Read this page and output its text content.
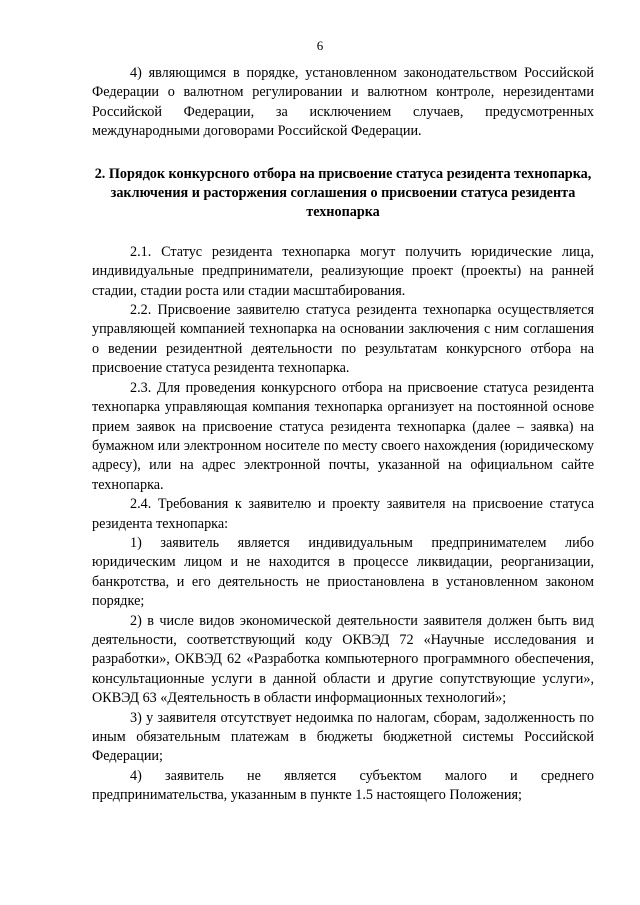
6

4) являющимся в порядке, установленном законодательством Российской Федерации о валютном регулировании и валютном контроле, нерезидентами Российской Федерации, за исключением случаев, предусмотренных международными договорами Российской Федерации.

2. Порядок конкурсного отбора на присвоение статуса резидента технопарка, заключения и расторжения соглашения о присвоении статуса резидента технопарка

2.1. Статус резидента технопарка могут получить юридические лица, индивидуальные предприниматели, реализующие проект (проекты) на ранней стадии, стадии роста или стадии масштабирования.

2.2. Присвоение заявителю статуса резидента технопарка осуществляется управляющей компанией технопарка на основании заключения с ним соглашения о ведении резидентной деятельности по результатам конкурсного отбора на присвоение статуса резидента технопарка.

2.3. Для проведения конкурсного отбора на присвоение статуса резидента технопарка управляющая компания технопарка организует на постоянной основе прием заявок на присвоение статуса резидента технопарка (далее – заявка) на бумажном или электронном носителе по месту своего нахождения (юридическому адресу), или на адрес электронной почты, указанной на официальном сайте технопарка.

2.4. Требования к заявителю и проекту заявителя на присвоение статуса резидента технопарка:

1) заявитель является индивидуальным предпринимателем либо юридическим лицом и не находится в процессе ликвидации, реорганизации, банкротства, и его деятельность не приостановлена в установленном законом порядке;

2) в числе видов экономической деятельности заявителя должен быть вид деятельности, соответствующий коду ОКВЭД 72 «Научные исследования и разработки», ОКВЭД 62 «Разработка компьютерного программного обеспечения, консультационные услуги в данной области и другие сопутствующие услуги», ОКВЭД 63 «Деятельность в области информационных технологий»;

3) у заявителя отсутствует недоимка по налогам, сборам, задолженность по иным обязательным платежам в бюджеты бюджетной системы Российской Федерации;

4) заявитель не является субъектом малого и среднего предпринимательства, указанным в пункте 1.5 настоящего Положения;
